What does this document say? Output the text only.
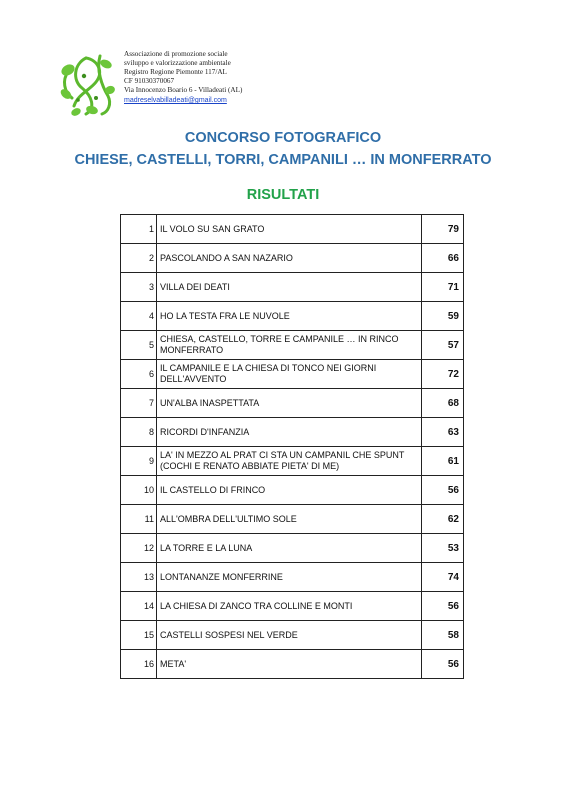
Associazione di promozione sociale
sviluppo e valorizzazione ambientale
Registro Regione Piemonte 117/AL
CF 91030370067
Via Innocenzo Boario 6 - Villadeati (AL)
madreselvabilladeati@gmail.com
CONCORSO FOTOGRAFICO
CHIESE, CASTELLI, TORRI, CAMPANILI … IN MONFERRATO
RISULTATI
1	IL VOLO SU SAN GRATO	79
2	PASCOLANDO A SAN NAZARIO	66
3	VILLA DEI DEATI	71
4	HO LA TESTA FRA LE NUVOLE	59
5	CHIESA, CASTELLO, TORRE E CAMPANILE … IN RINCO MONFERRATO	57
6	IL CAMPANILE E LA CHIESA DI TONCO NEI GIORNI DELL'AVVENTO	72
7	UN'ALBA INASPETTATA	68
8	RICORDI D'INFANZIA	63
9	LA' IN MEZZO AL PRAT CI STA UN CAMPANIL CHE SPUNT (COCHI E RENATO ABBIATE PIETA' DI ME)	61
10	IL CASTELLO DI FRINCO	56
11	ALL'OMBRA DELL'ULTIMO SOLE	62
12	LA TORRE E LA LUNA	53
13	LONTANANZE MONFERRINE	74
14	LA CHIESA DI ZANCO TRA COLLINE E MONTI	56
15	CASTELLI SOSPESI NEL VERDE	58
16	META'	56
